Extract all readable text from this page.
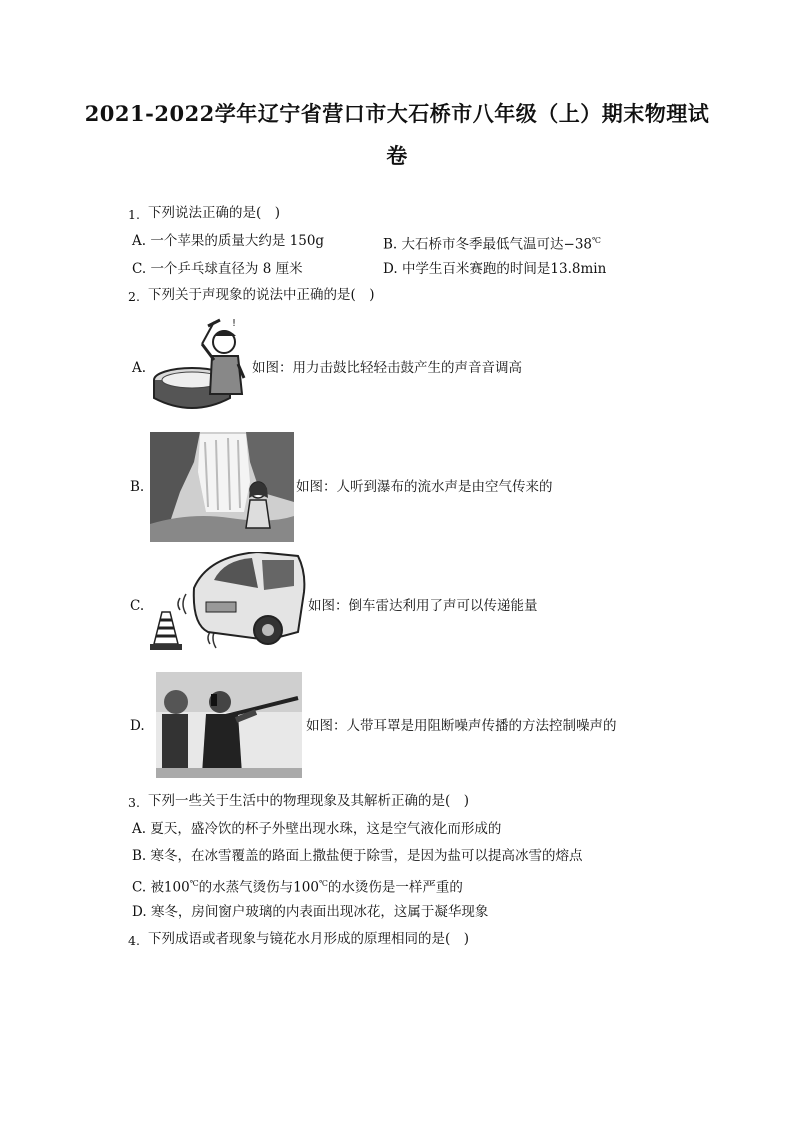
2021-2022学年辽宁省营口市大石桥市八年级（上）期末物理试
卷
1. 下列说法正确的是(　)
A. 一个苹果的质量大约是 150g	B. 大石桥市冬季最低气温可达−38℃
C. 一个乒乓球直径为 8 厘米	D. 中学生百米赛跑的时间是13.8min
2. 下列关于声现象的说法中正确的是(　)
A.
!
如图：用力击鼓比轻轻击鼓产生的声音音调高
B.	如图：人听到瀑布的流水声是由空气传来的
C.	如图：倒车雷达利用了声可以传递能量
D.	如图：人带耳罩是用阻断噪声传播的方法控制噪声的
3. 下列一些关于生活中的物理现象及其解析正确的是(　)
A. 夏天，盛冷饮的杯子外壁出现水珠，这是空气液化而形成的
B. 寒冬，在冰雪覆盖的路面上撒盐便于除雪，是因为盐可以提高冰雪的熔点
C. 被100℃的水蒸气烫伤与100℃的水烫伤是一样严重的
D. 寒冬，房间窗户玻璃的内表面出现冰花，这属于凝华现象
4. 下列成语或者现象与镜花水月形成的原理相同的是(　)
